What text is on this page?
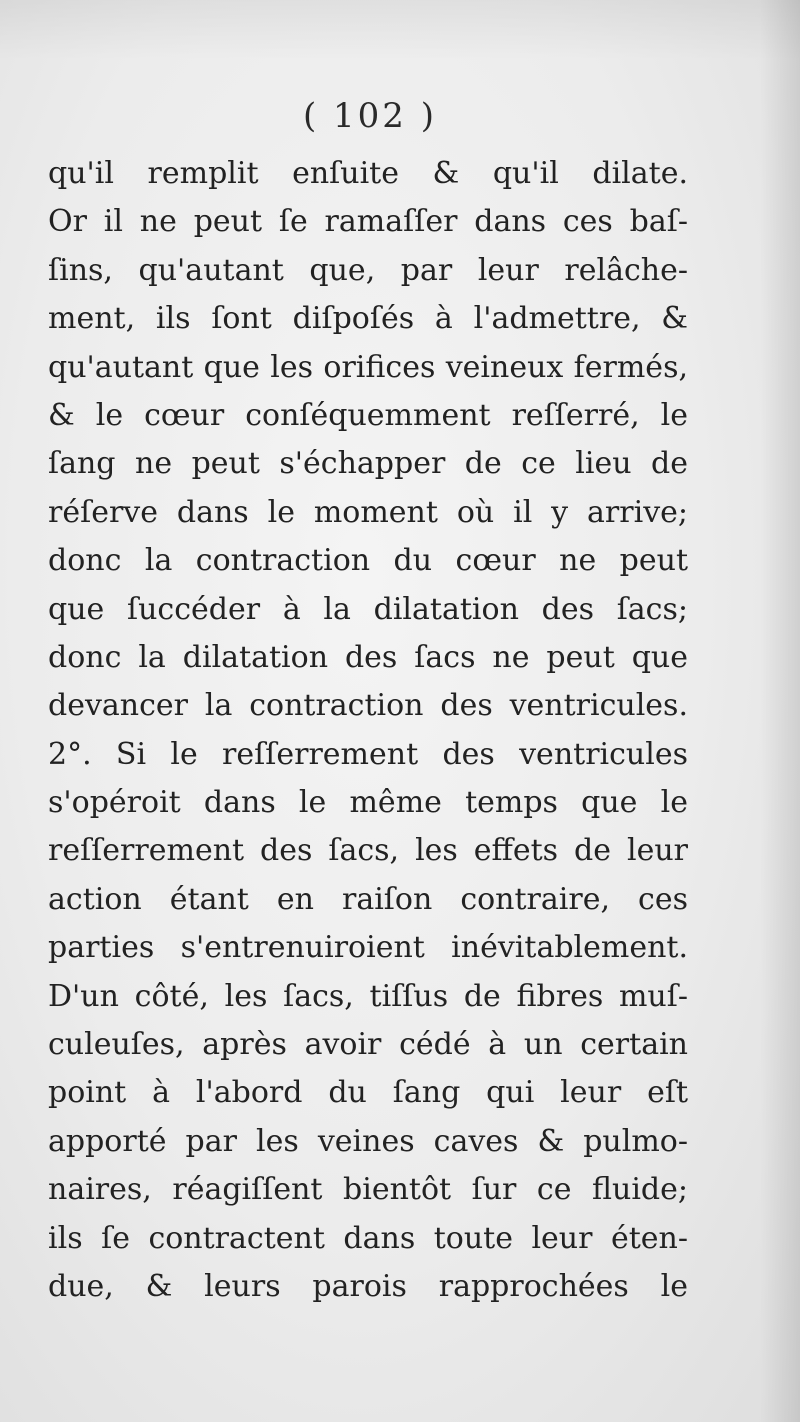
( 102 )
qu'il remplit enſuite & qu'il dilate.
Or il ne peut ſe ramaſſer dans ces baſ-
ſins, qu'autant que, par leur relâche-
ment, ils ſont diſpoſés à l'admettre, &
qu'autant que les orifices veineux fermés,
& le cœur conſéquemment reſſerré, le
ſang ne peut s'échapper de ce lieu de
réſerve dans le moment où il y arrive;
donc la contraction du cœur ne peut
que ſuccéder à la dilatation des ſacs;
donc la dilatation des ſacs ne peut que
devancer la contraction des ventricules.
2°. Si le reſſerrement des ventricules
s'opéroit dans le même temps que le
reſſerrement des ſacs, les effets de leur
action étant en raiſon contraire, ces
parties s'entrenuiroient inévitablement.
D'un côté, les ſacs, tiſſus de fibres muſ-
culeuſes, après avoir cédé à un certain
point à l'abord du ſang qui leur eſt
apporté par les veines caves & pulmo-
naires, réagiſſent bientôt ſur ce fluide;
ils ſe contractent dans toute leur éten-
due, & leurs parois rapprochées le
